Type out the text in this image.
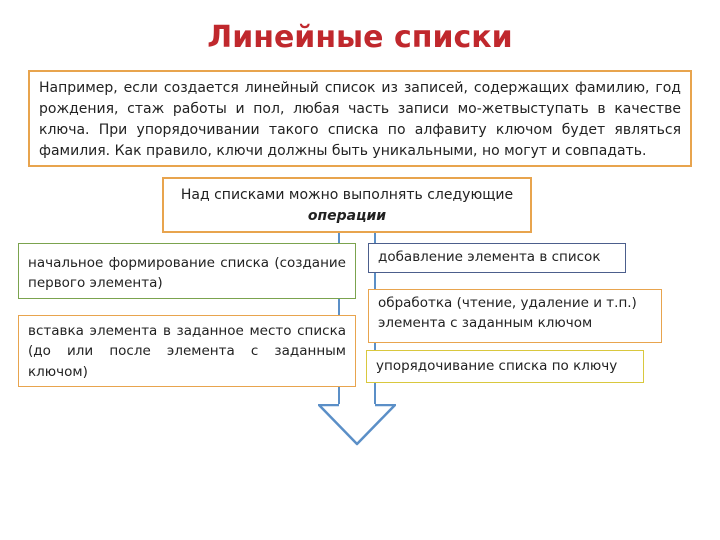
Линейные списки
Например, если создается линейный список из записей, содержащих фамилию, год рождения, стаж работы и пол, любая часть записи мо-жетвыступать в качестве ключа. При упорядочивании такого списка по алфавиту ключом будет являться фамилия. Как правило, ключи должны быть уникальными, но могут и совпадать.
Над списками можно выполнять следующие
операции
начальное формирование списка (создание первого элемента)
вставка элемента в заданное место списка (до или после элемента с заданным ключом)
добавление элемента в список
обработка (чтение, удаление и т.п.) элемента с заданным ключом
упорядочивание списка по ключу
